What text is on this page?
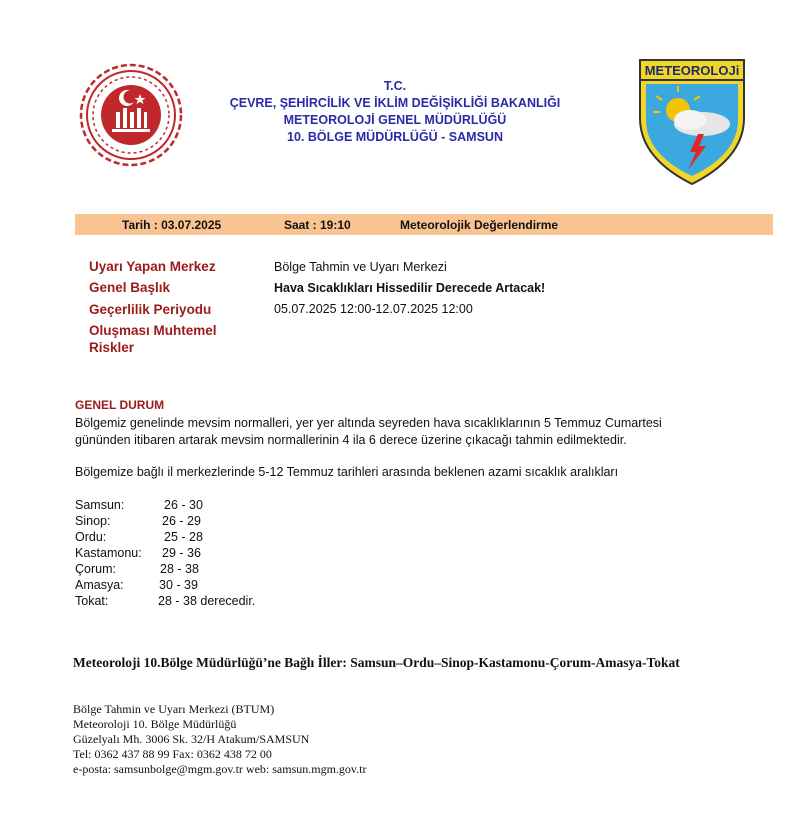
METEOROLOJi
T.C.
ÇEVRE, ŞEHİRCİLİK VE İKLİM DEĞİŞİKLİĞİ BAKANLIĞI
METEOROLOJİ GENEL MÜDÜRLÜĞÜ
10. BÖLGE MÜDÜRLÜĞÜ - SAMSUN
Tarih : 03.07.2025	Saat : 19:10	Meteorolojik Değerlendirme
Uyarı Yapan Merkez	Bölge Tahmin ve Uyarı Merkezi
Genel Başlık	Hava Sıcaklıkları Hissedilir Derecede Artacak!
Geçerlilik Periyodu	05.07.2025 12:00-12.07.2025 12:00
Oluşması Muhtemel
Riskler
GENEL DURUM
Bölgemiz genelinde mevsim normalleri, yer yer altında seyreden hava sıcaklıklarının 5 Temmuz Cumartesi
gününden itibaren artarak mevsim normallerinin 4 ila 6 derece üzerine çıkacağı tahmin edilmektedir.
Bölgemize bağlı il merkezlerinde 5-12 Temmuz tarihleri arasında beklenen azami sıcaklık aralıkları
Samsun:	26 - 30
Sinop:	26 - 29
Ordu:	25 - 28
Kastamonu: 29 - 36
Çorum:	28 - 38
Amasya:	30 - 39
Tokat:	28 - 38 derecedir.
Meteoroloji 10.Bölge Müdürlüğü’ne Bağlı İller: Samsun–Ordu–Sinop-Kastamonu-Çorum-Amasya-Tokat
Bölge Tahmin ve Uyarı Merkezi (BTUM)
Meteoroloji 10. Bölge Müdürlüğü
Güzelyalı Mh. 3006 Sk. 32/H Atakum/SAMSUN
Tel: 0362 437 88 99 Fax: 0362 438 72 00
e-posta: samsunbolge@mgm.gov.tr web: samsun.mgm.gov.tr
